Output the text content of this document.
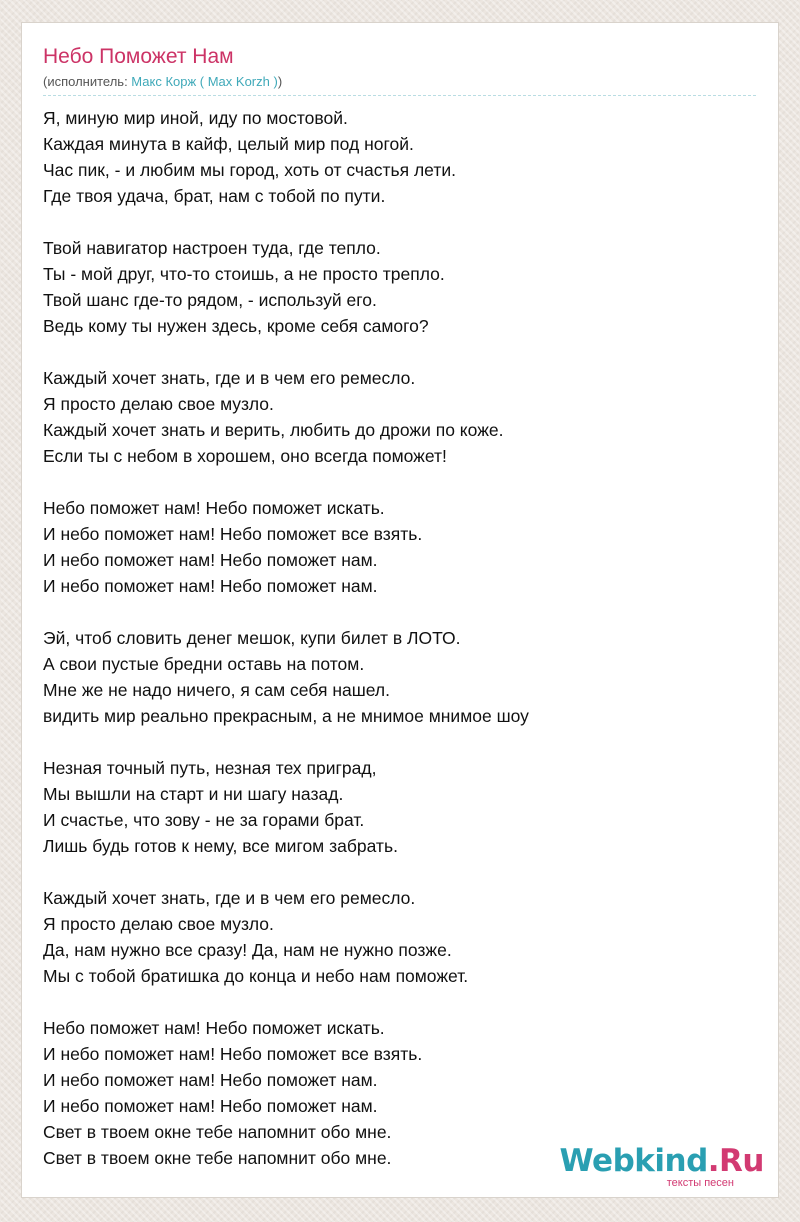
Небо Поможет Нам
(исполнитель: Макс Корж ( Max Korzh ))
Я, миную мир иной, иду по мостовой.
Каждая минута в кайф, целый мир под ногой.
Час пик, - и любим мы город, хоть от счастья лети.
Где твоя удача, брат, нам с тобой по пути.
Твой навигатор настроен туда, где тепло.
Ты - мой друг, что-то стоишь, а не просто трепло.
Твой шанс где-то рядом, - используй его.
Ведь кому ты нужен здесь, кроме себя самого?
Каждый хочет знать, где и в чем его ремесло.
Я просто делаю свое музло.
Каждый хочет знать и верить, любить до дрожи по коже.
Если ты с небом в хорошем, оно всегда поможет!
Небо поможет нам! Небо поможет искать.
И небо поможет нам! Небо поможет все взять.
И небо поможет нам! Небо поможет нам.
И небо поможет нам! Небо поможет нам.
Эй, чтоб словить денег мешок, купи билет в ЛОТО.
А свои пустые бредни оставь на потом.
Мне же не надо ничего, я сам себя нашел.
видить мир реально прекрасным, а не мнимое мнимое шоу
Незная точный путь, незная тех приград,
Мы вышли на старт и ни шагу назад.
И счастье, что зову - не за горами брат.
Лишь будь готов к нему, все мигом забрать.
Каждый хочет знать, где и в чем его ремесло.
Я просто делаю свое музло.
Да, нам нужно все сразу! Да, нам не нужно позже.
Мы с тобой братишка до конца и небо нам поможет.
Небо поможет нам! Небо поможет искать.
И небо поможет нам! Небо поможет все взять.
И небо поможет нам! Небо поможет нам.
И небо поможет нам! Небо поможет нам.
Свет в твоем окне тебе напомнит обо мне.
Свет в твоем окне тебе напомнит обо мне.	Webkind.Ru
тексты песен
